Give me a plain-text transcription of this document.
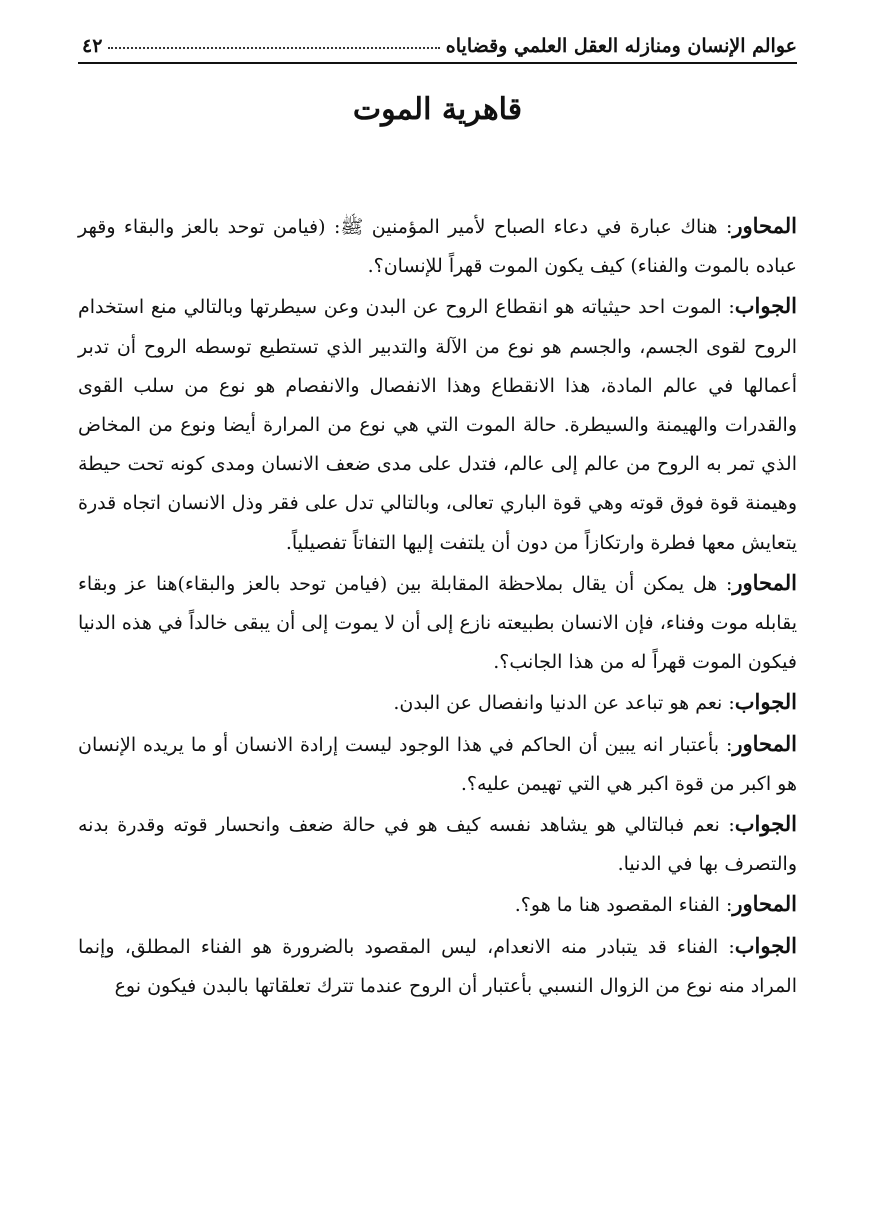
عوالم الإنسان ومنازله العقل العلمي وقضاياه
٤٢
قاهرية الموت

المحاور: هناك عبارة في دعاء الصباح لأمير المؤمنين ﷺ: (فيامن توحد بالعز والبقاء وقهر عباده بالموت والفناء) كيف يكون الموت قهراً للإنسان؟.

الجواب: الموت احد حيثياته هو انقطاع الروح عن البدن وعن سيطرتها وبالتالي منع استخدام الروح لقوى الجسم، والجسم هو نوع من الآلة والتدبير الذي تستطيع توسطه الروح أن تدبر أعمالها في عالم المادة، هذا الانقطاع وهذا الانفصال والانفصام هو نوع من سلب القوى والقدرات والهيمنة والسيطرة. حالة الموت التي هي نوع من المرارة أيضا ونوع من المخاض الذي تمر به الروح من عالم إلى عالم، فتدل على مدى ضعف الانسان ومدى كونه تحت حيطة وهيمنة قوة فوق قوته وهي قوة الباري تعالى، وبالتالي تدل على فقر وذل الانسان اتجاه قدرة يتعايش معها فطرة وارتكازاً من دون أن يلتفت إليها التفاتاً تفصيلياً.

المحاور: هل يمكن أن يقال بملاحظة المقابلة بين (فيامن توحد بالعز والبقاء)هنا عز وبقاء يقابله موت وفناء، فإن الانسان بطبيعته نازع إلى أن لا يموت إلى أن يبقى خالداً في هذه الدنيا فيكون الموت قهراً له من هذا الجانب؟.

الجواب: نعم هو تباعد عن الدنيا وانفصال عن البدن.

المحاور: بأعتبار انه يبين أن الحاكم في هذا الوجود ليست إرادة الانسان أو ما يريده الإنسان هو اكبر من قوة اكبر هي التي تهيمن عليه؟.

الجواب: نعم فبالتالي هو يشاهد نفسه كيف هو في حالة ضعف وانحسار قوته وقدرة بدنه والتصرف بها في الدنيا.

المحاور: الفناء المقصود هنا ما هو؟.

الجواب: الفناء قد يتبادر منه الانعدام، ليس المقصود بالضرورة هو الفناء المطلق، وإنما المراد منه نوع من الزوال النسبي بأعتبار أن الروح عندما تترك تعلقاتها بالبدن فيكون نوع
